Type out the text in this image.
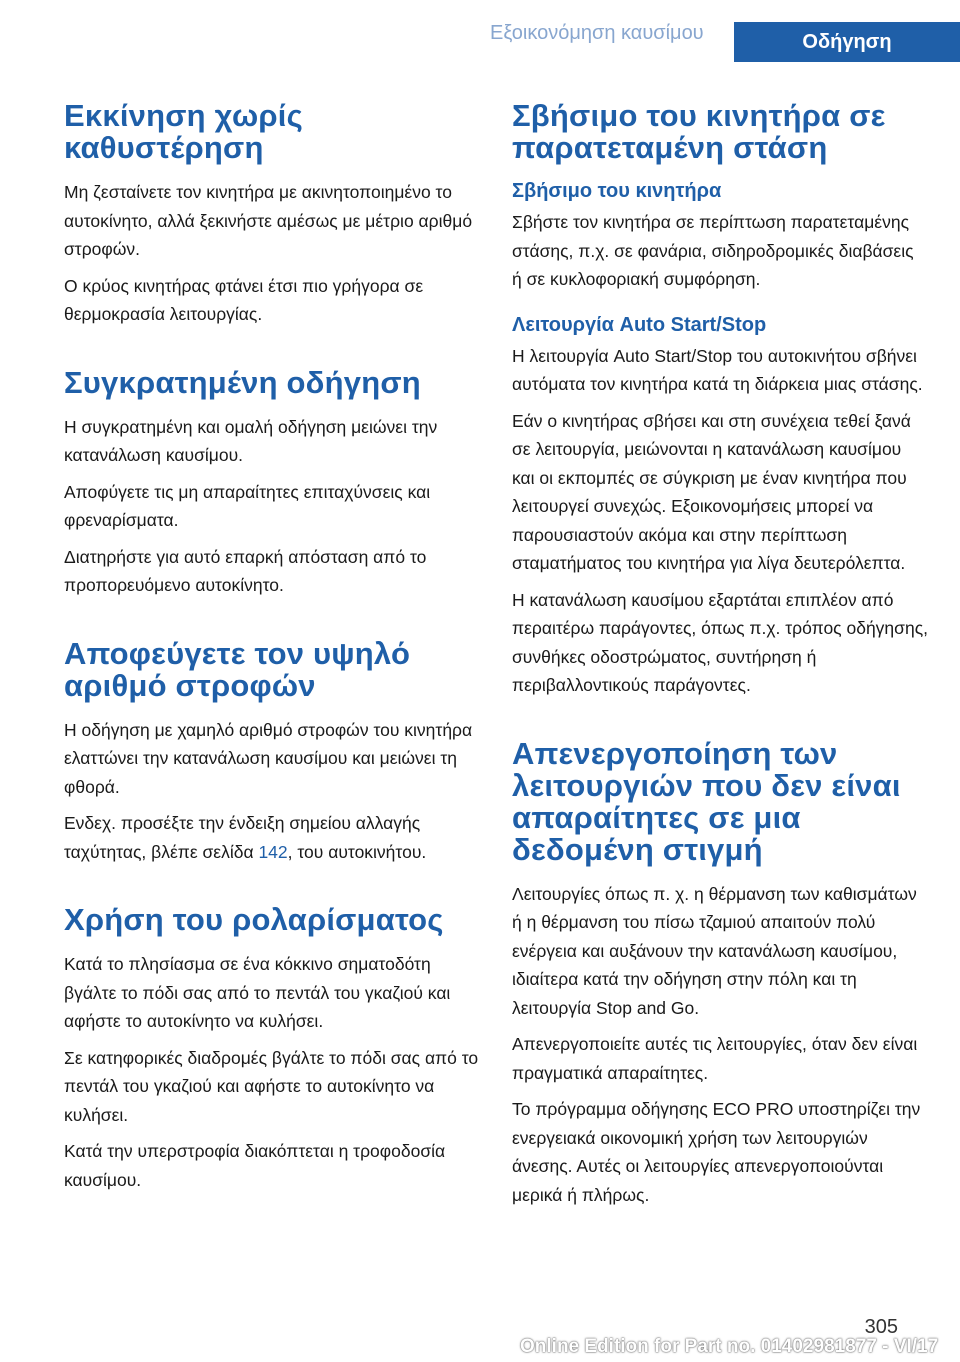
Εξοικονόμηση καυσίμου	Οδήγηση
Εκκίνηση χωρίς
καθυστέρηση

Μη ζεσταίνετε τον κινητήρα με ακινητοποιημένο το αυτοκίνητο, αλλά ξεκινήστε αμέσως με μέτριο αριθμό στροφών.

Ο κρύος κινητήρας φτάνει έτσι πιο γρήγορα σε θερμοκρασία λειτουργίας.

Συγκρατημένη οδήγηση

Η συγκρατημένη και ομαλή οδήγηση μειώνει την κατανάλωση καυσίμου.

Αποφύγετε τις μη απαραίτητες επιταχύνσεις και φρεναρίσματα.

Διατηρήστε για αυτό επαρκή απόσταση από το προπορευόμενο αυτοκίνητο.

Αποφεύγετε τον υψηλό
αριθμό στροφών

Η οδήγηση με χαμηλό αριθμό στροφών του κινητήρα ελαττώνει την κατανάλωση καυσίμου και μειώνει τη φθορά.

Ενδεχ. προσέξτε την ένδειξη σημείου αλλαγής ταχύτητας, βλέπε σελίδα 142, του αυτοκινήτου.

Χρήση του ρολαρίσματος

Κατά το πλησίασμα σε ένα κόκκινο σηματοδότη βγάλτε το πόδι σας από το πεντάλ του γκαζιού και αφήστε το αυτοκίνητο να κυλήσει.

Σε κατηφορικές διαδρομές βγάλτε το πόδι σας από το πεντάλ του γκαζιού και αφήστε το αυτοκίνητο να κυλήσει.

Κατά την υπερστροφία διακόπτεται η τροφοδοσία καυσίμου.

Σβήσιμο του κινητήρα σε
παρατεταμένη στάση
Σβήσιμο του κινητήρα

Σβήστε τον κινητήρα σε περίπτωση παρατεταμένης στάσης, π.χ. σε φανάρια, σιδηροδρομικές διαβάσεις ή σε κυκλοφοριακή συμφόρηση.

Λειτουργία Auto Start/Stop

Η λειτουργία Auto Start/Stop του αυτοκινήτου σβήνει αυτόματα τον κινητήρα κατά τη διάρκεια μιας στάσης.

Εάν ο κινητήρας σβήσει και στη συνέχεια τεθεί ξανά σε λειτουργία, μειώνονται η κατανάλωση καυσίμου και οι εκπομπές σε σύγκριση με έναν κινητήρα που λειτουργεί συνεχώς. Εξοικονομήσεις μπορεί να παρουσιαστούν ακόμα και στην περίπτωση σταματήματος του κινητήρα για λίγα δευτερόλεπτα.

Η κατανάλωση καυσίμου εξαρτάται επιπλέον από περαιτέρω παράγοντες, όπως π.χ. τρόπος οδήγησης, συνθήκες οδοστρώματος, συντήρηση ή περιβαλλοντικούς παράγοντες.

Απενεργοποίηση των
λειτουργιών που δεν είναι
απαραίτητες σε μια
δεδομένη στιγμή

Λειτουργίες όπως π. χ. η θέρμανση των καθισμάτων ή η θέρμανση του πίσω τζαμιού απαιτούν πολύ ενέργεια και αυξάνουν την κατανάλωση καυσίμου, ιδιαίτερα κατά την οδήγηση στην πόλη και τη λειτουργία Stop and Go.

Απενεργοποιείτε αυτές τις λειτουργίες, όταν δεν είναι πραγματικά απαραίτητες.

Το πρόγραμμα οδήγησης ECO PRO υποστηρίζει την ενεργειακά οικονομική χρήση των λειτουργιών άνεσης. Αυτές οι λειτουργίες απενεργοποιούνται μερικά ή πλήρως.

305
Online Edition for Part no. 01402981877 - VI/17
